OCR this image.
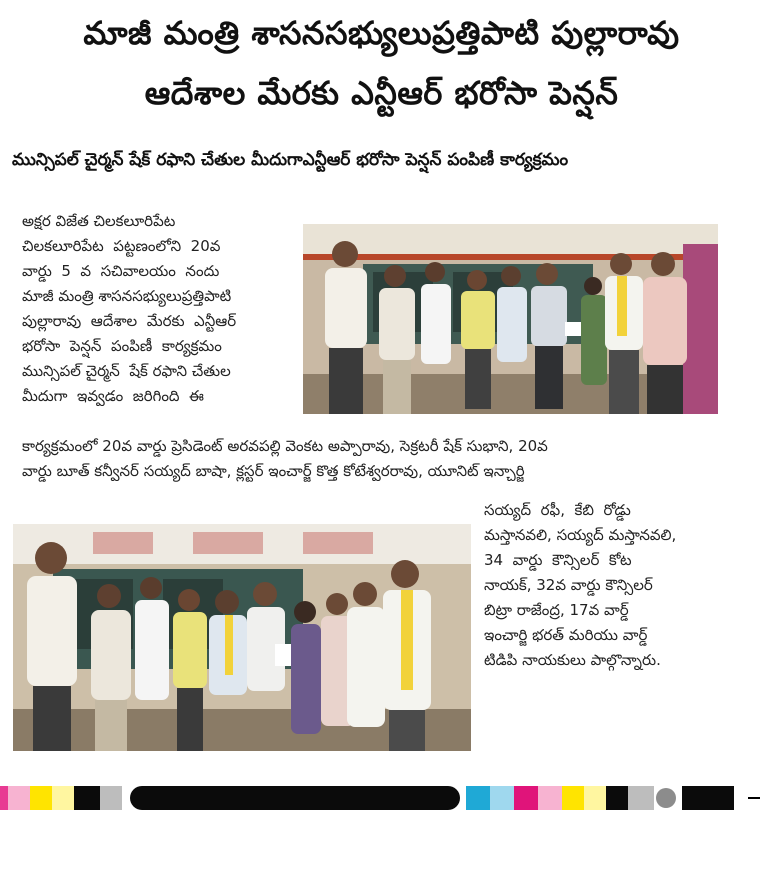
మాజీ మంత్రి శాసనసభ్యులుప్రత్తిపాటి పుల్లారావు
ఆదేశాల మేరకు ఎన్టీఆర్ భరోసా పెన్షన్
మున్సిపల్ చైర్మన్ షేక్ రఫాని చేతుల మీదుగాఎన్టీఆర్ భరోసా పెన్షన్ పంపిణీ కార్యక్రమం
అక్షర విజేత చిలకలూరిపేట
చిలకలూరిపేట  పట్టణంలోని  20వ
వార్డు  5  వ  సచివాలయం  నందు
మాజీ మంత్రి శాసనసభ్యులుప్రత్తిపాటి
పుల్లారావు  ఆదేశాల  మేరకు  ఎన్టీఆర్
భరోసా  పెన్షన్  పంపిణీ  కార్యక్రమం
మున్సిపల్ చైర్మన్  షేక్ రఫాని చేతుల
మీదుగా  ఇవ్వడం  జరిగింది  ఈ
కార్యక్రమంలో 20వ వార్డు ప్రెసిడెంట్ అరవపల్లి వెంకట అప్పారావు, సెక్రటరీ షేక్ సుభాని, 20వ
వార్డు బూత్ కన్వీనర్ సయ్యద్ బాషా, క్లస్టర్ ఇంచార్జ్ కొత్త కోటేశ్వరరావు, యూనిట్ ఇన్చార్జి
సయ్యద్  రఫీ,  కేబి  రోడ్డు
మస్తానవలి, సయ్యద్ మస్తానవలి,
34  వార్డు  కౌన్సిలర్  కోట
నాయక్, 32వ వార్డు కౌన్సిలర్
బిట్రా రాజేంద్ర, 17వ వార్డ్
ఇంచార్జి భరత్ మరియు వార్డ్
టిడిపి నాయకులు పాల్గొన్నారు.
